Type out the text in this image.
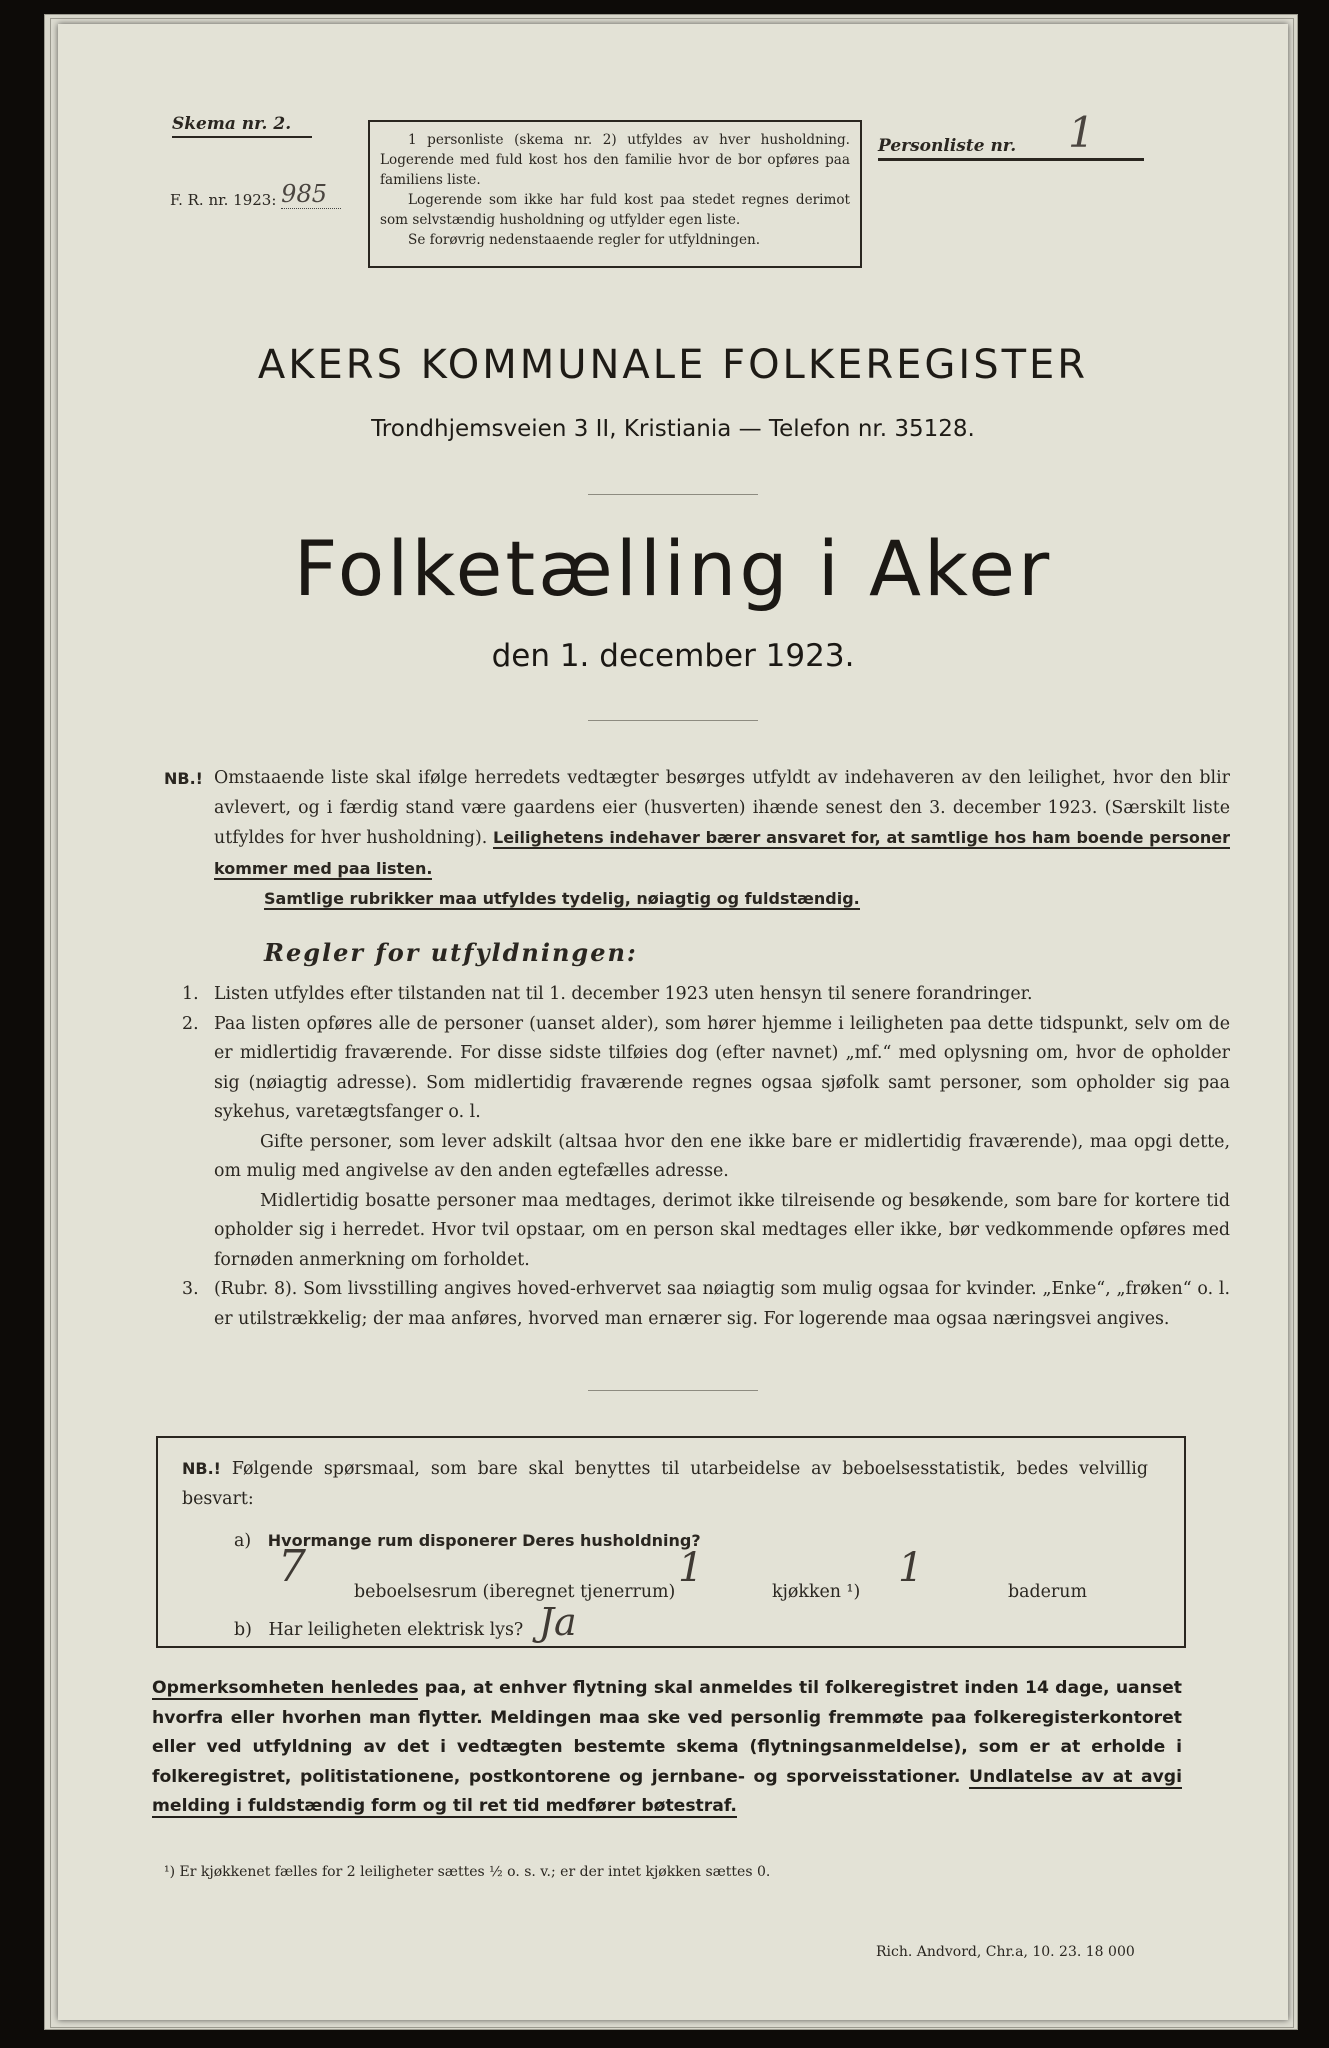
Skema nr. 2.
F. R. nr. 1923: 985

1 personliste (skema nr. 2) utfyldes av hver husholdning. Logerende med fuld kost hos den familie hvor de bor opføres paa familiens liste.

Logerende som ikke har fuld kost paa stedet regnes derimot som selvstændig husholdning og utfylder egen liste.

Se forøvrig nedenstaaende regler for utfyldningen.

Personliste nr. 1
AKERS KOMMUNALE FOLKEREGISTER
Trondhjemsveien 3 II, Kristiania — Telefon nr. 35128.
Folketælling i Aker
den 1. december 1923.
NB.! Omstaaende liste skal ifølge herredets vedtægter besørges utfyldt av indehaveren av den leilighet, hvor den blir avlevert, og i færdig stand være gaardens eier (husverten) ihænde senest den 3. december 1923. (Særskilt liste utfyldes for hver husholdning). Leilighetens indehaver bærer ansvaret for, at samtlige hos ham boende personer kommer med paa listen.
Samtlige rubrikker maa utfyldes tydelig, nøiagtig og fuldstændig.
Regler for utfyldningen:
1. Listen utfyldes efter tilstanden nat til 1. december 1923 uten hensyn til senere forandringer.
2. Paa listen opføres alle de personer (uanset alder), som hører hjemme i leiligheten paa dette tidspunkt, selv om de er midlertidig fraværende. For disse sidste tilføies dog (efter navnet) „mf.“ med oplysning om, hvor de opholder sig (nøiagtig adresse). Som midlertidig fraværende regnes ogsaa sjøfolk samt personer, som opholder sig paa sykehus, varetægtsfanger o. l.
Gifte personer, som lever adskilt (altsaa hvor den ene ikke bare er midlertidig fraværende), maa opgi dette, om mulig med angivelse av den anden egtefælles adresse.
Midlertidig bosatte personer maa medtages, derimot ikke tilreisende og besøkende, som bare for kortere tid opholder sig i herredet. Hvor tvil opstaar, om en person skal medtages eller ikke, bør vedkommende opføres med fornøden anmerkning om forholdet.
3. (Rubr. 8). Som livsstilling angives hoved-erhvervet saa nøiagtig som mulig ogsaa for kvinder. „Enke“, „frøken“ o. l. er utilstrækkelig; der maa anføres, hvorved man ernærer sig. For logerende maa ogsaa næringsvei angives.
NB.! Følgende spørsmaal, som bare skal benyttes til utarbeidelse av beboelsesstatistik, bedes velvillig besvart:
a) Hvormange rum disponerer Deres husholdning?
7	beboelsesrum (iberegnet tjenerrum)
1
kjøkken ¹)
1
baderum
b) Har leiligheten elektrisk lys? Ja
Opmerksomheten henledes paa, at enhver flytning skal anmeldes til folkeregistret inden 14 dage, uanset hvorfra eller hvorhen man flytter. Meldingen maa ske ved personlig fremmøte paa folkeregisterkontoret eller ved utfyldning av det i vedtægten bestemte skema (flytningsanmeldelse), som er at erholde i folkeregistret, politistationene, postkontorene og jernbane- og sporveisstationer. Undlatelse av at avgi melding i fuldstændig form og til ret tid medfører bøtestraf.
¹) Er kjøkkenet fælles for 2 leiligheter sættes ½ o. s. v.; er der intet kjøkken sættes 0.
Rich. Andvord, Chr.a, 10. 23. 18 000
